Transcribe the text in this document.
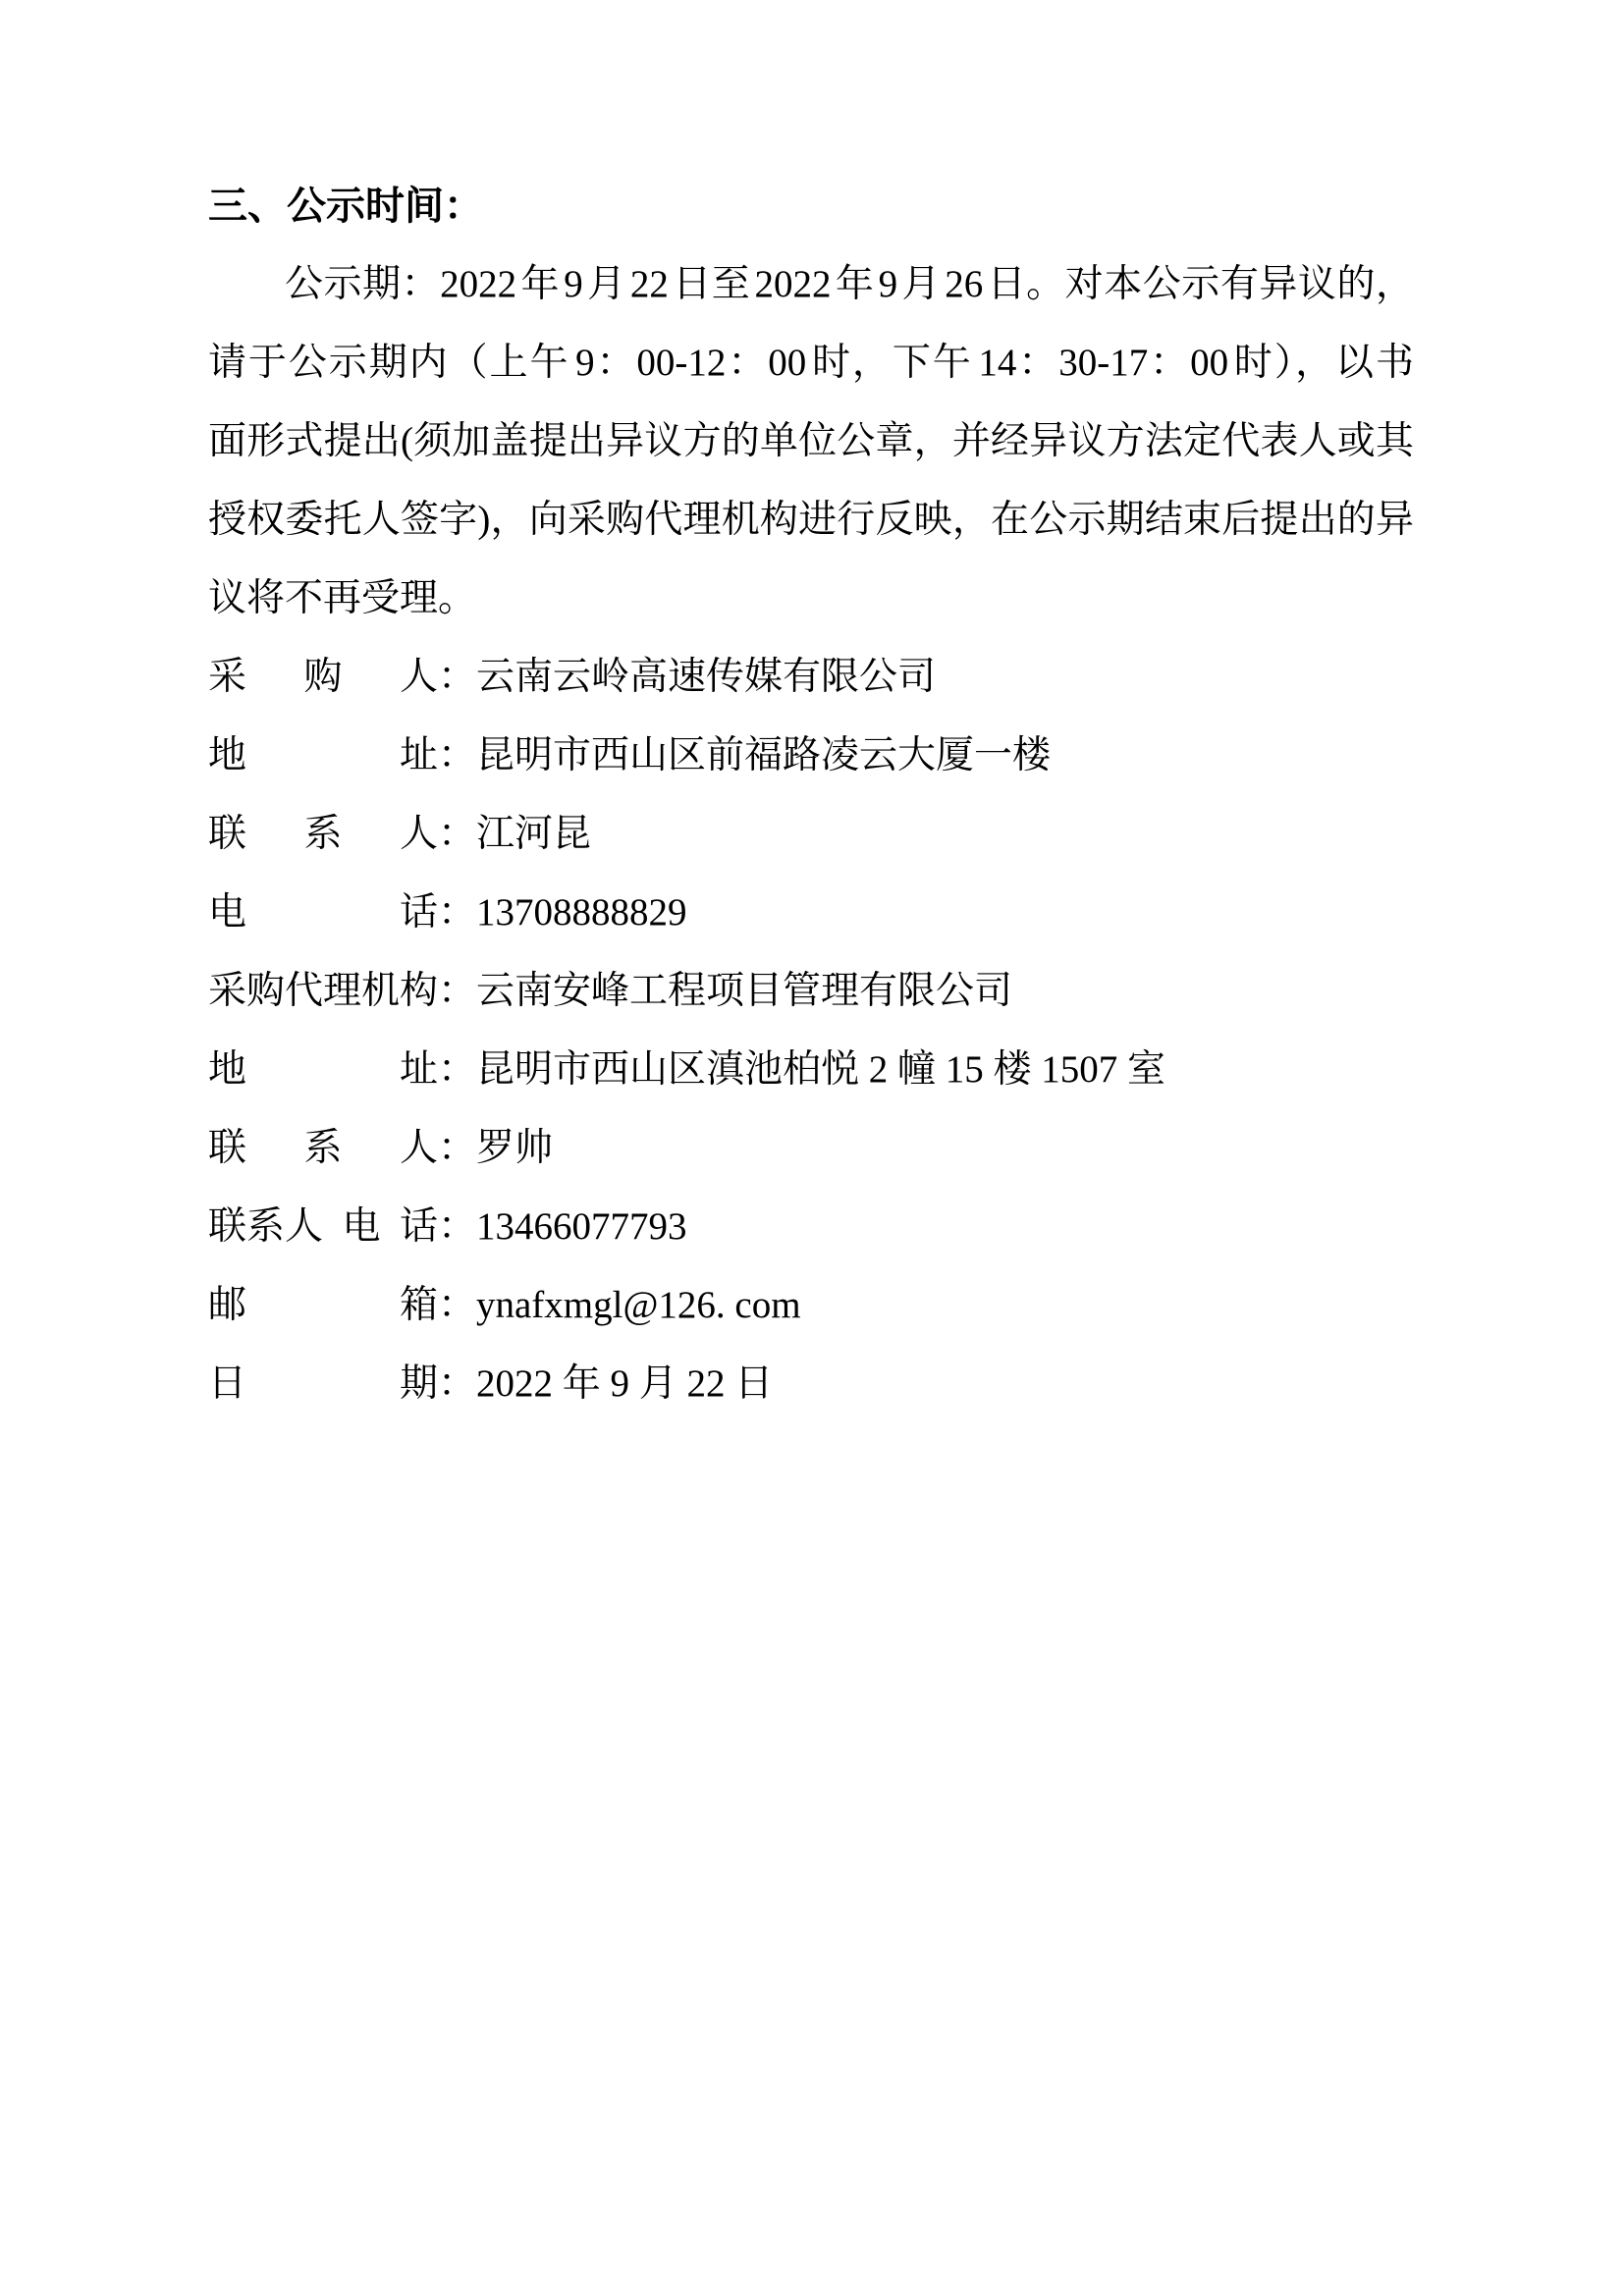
三、公示时间：
公示期：2022 年 9 月 22 日至 2022 年 9 月 26 日。对本公示有异议的，
请于公示期内（上午 9：00-12：00 时，下午 14：30-17：00 时），以书
面形式提出(须加盖提出异议方的单位公章，并经异议方法定代表人或其
授权委托人签字)，向采购代理机构进行反映，在公示期结束后提出的异
议将不再受理。
采 购 人 ： 云南云岭高速传媒有限公司
地	址 ： 昆明市西山区前福路凌云大厦一楼
联 系 人 ： 江河昆
电	话 ： 13708888829
采购代理机构 ： 云南安峰工程项目管理有限公司
地	址 ： 昆明市西山区滇池柏悦 2 幢 15 楼 1507 室
联 系 人 ： 罗帅
联系人 电 话 ： 13466077793
邮	箱 ： ynafxmgl@126. com
日	期 ： 2022 年 9 月 22 日
